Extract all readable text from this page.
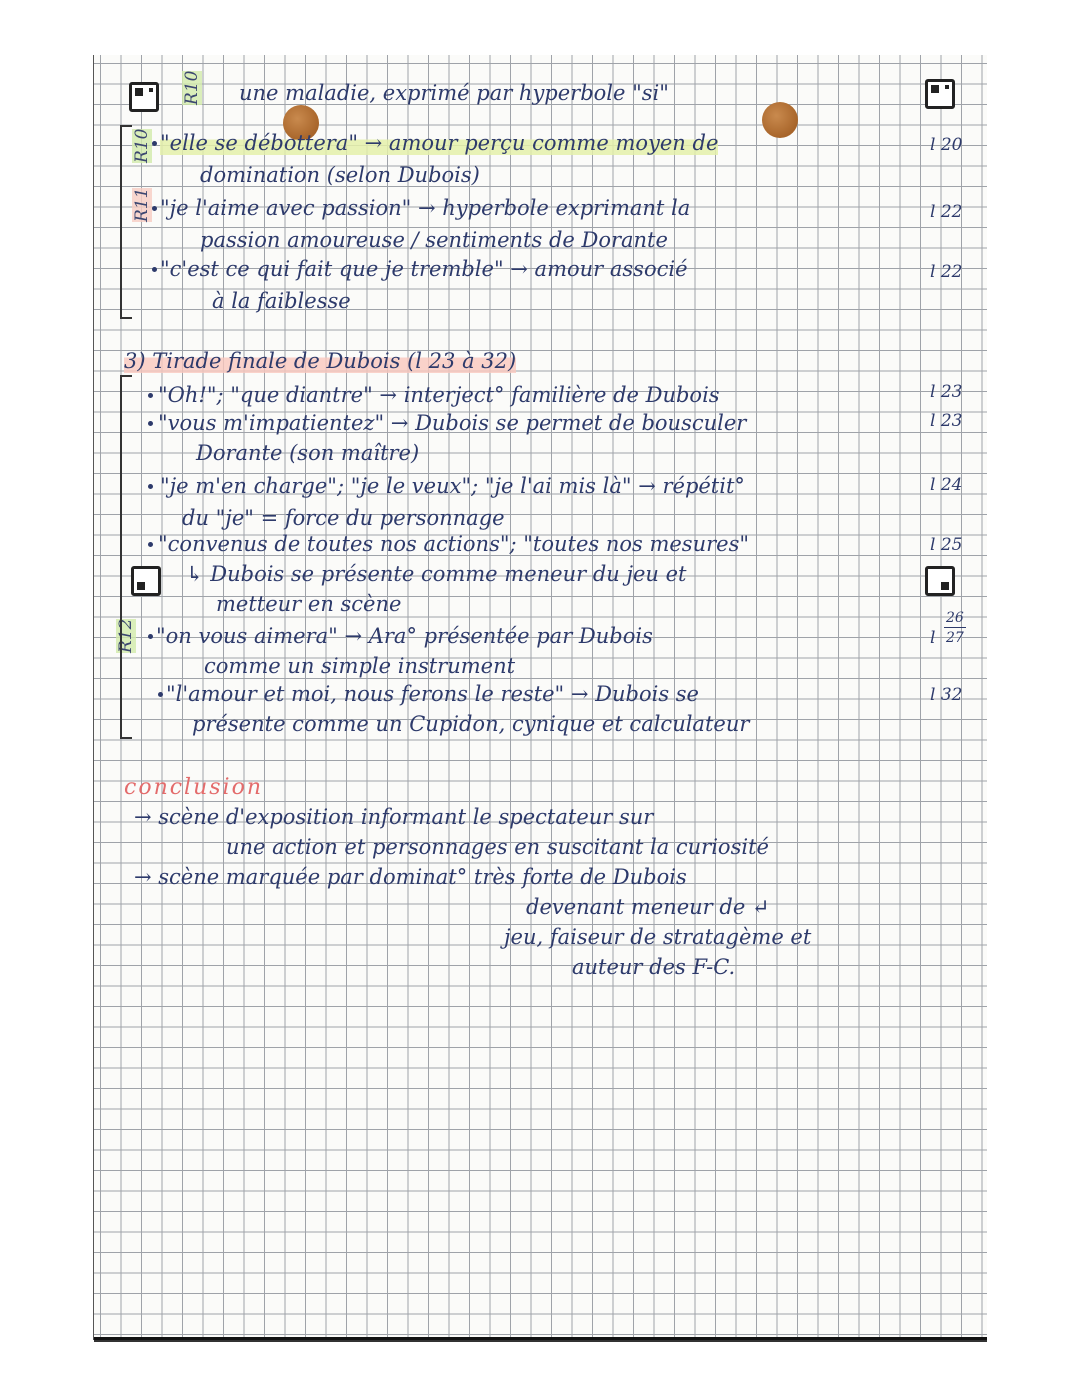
R10
R10
R11
R12
une maladie, exprimé par hyperbole "si"
"elle se débottera" → amour perçu comme moyen de
domination (selon Dubois)
"je l'aime avec passion" → hyperbole exprimant la
passion amoureuse / sentiments de Dorante
"c'est ce qui fait que je tremble" → amour associé
à la faiblesse
3) Tirade finale de Dubois (l 23 à 32)
"Oh!"; "que diantre" → interject° familière de Dubois
"vous m'impatientez" → Dubois se permet de bousculer
Dorante (son maître)
"je m'en charge"; "je le veux"; "je l'ai mis là" → répétit°
du "je" = force du personnage
"convenus de toutes nos actions"; "toutes nos mesures"
↳ Dubois se présente comme meneur du jeu et
metteur en scène
"on vous aimera" → Ara° présentée par Dubois
comme un simple instrument
"l'amour et moi, nous ferons le reste" → Dubois se
présente comme un Cupidon, cynique et calculateur
conclusion
→ scène d'exposition informant le spectateur sur
une action et personnages en suscitant la curiosité
→ scène marquée par dominat° très forte de Dubois
devenant meneur de ↵
jeu, faiseur de stratagème et
auteur des F-C.
l 20
l 22
l 22
l 23
l 23
l 24
l 25
l
26
27
l 32
